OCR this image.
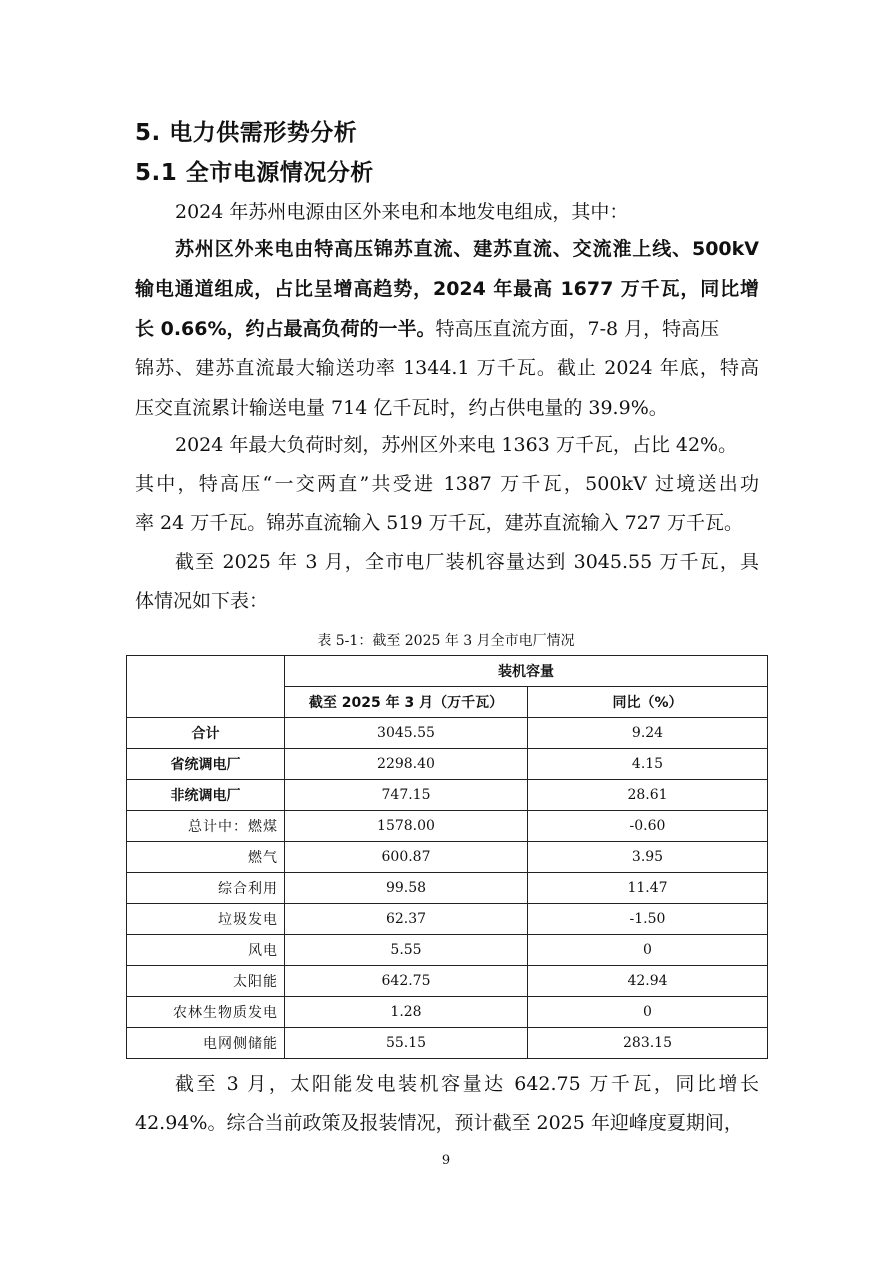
5. 电力供需形势分析
5.1 全市电源情况分析
2024 年苏州电源由区外来电和本地发电组成，其中：
苏州区外来电由特高压锦苏直流、建苏直流、交流淮上线、500kV
输电通道组成，占比呈增高趋势，2024 年最高 1677 万千瓦，同比增
长 0.66%，约占最高负荷的一半。特高压直流方面，7-8 月，特高压
锦苏、建苏直流最大输送功率 1344.1 万千瓦。截止 2024 年底，特高
压交直流累计输送电量 714 亿千瓦时，约占供电量的 39.9%。
2024 年最大负荷时刻，苏州区外来电 1363 万千瓦，占比 42%。
其中，特高压“一交两直”共受进 1387 万千瓦，500kV 过境送出功
率 24 万千瓦。锦苏直流输入 519 万千瓦，建苏直流输入 727 万千瓦。
截至 2025 年 3 月，全市电厂装机容量达到 3045.55 万千瓦，具
体情况如下表：
表 5-1：截至 2025 年 3 月全市电厂情况
	装机容量	
	截至 2025 年 3 月（万千瓦）	同比（%）
合计	3045.55	9.24
省统调电厂	2298.40	4.15
非统调电厂	747.15	28.61
总计中：燃煤	1578.00	-0.60
燃气	600.87	3.95
综合利用	99.58	11.47
垃圾发电	62.37	-1.50
风电	5.55	0
太阳能	642.75	42.94
农林生物质发电	1.28	0
电网侧储能	55.15	283.15
截至 3 月，太阳能发电装机容量达 642.75 万千瓦，同比增长
42.94%。综合当前政策及报装情况，预计截至 2025 年迎峰度夏期间，
9
